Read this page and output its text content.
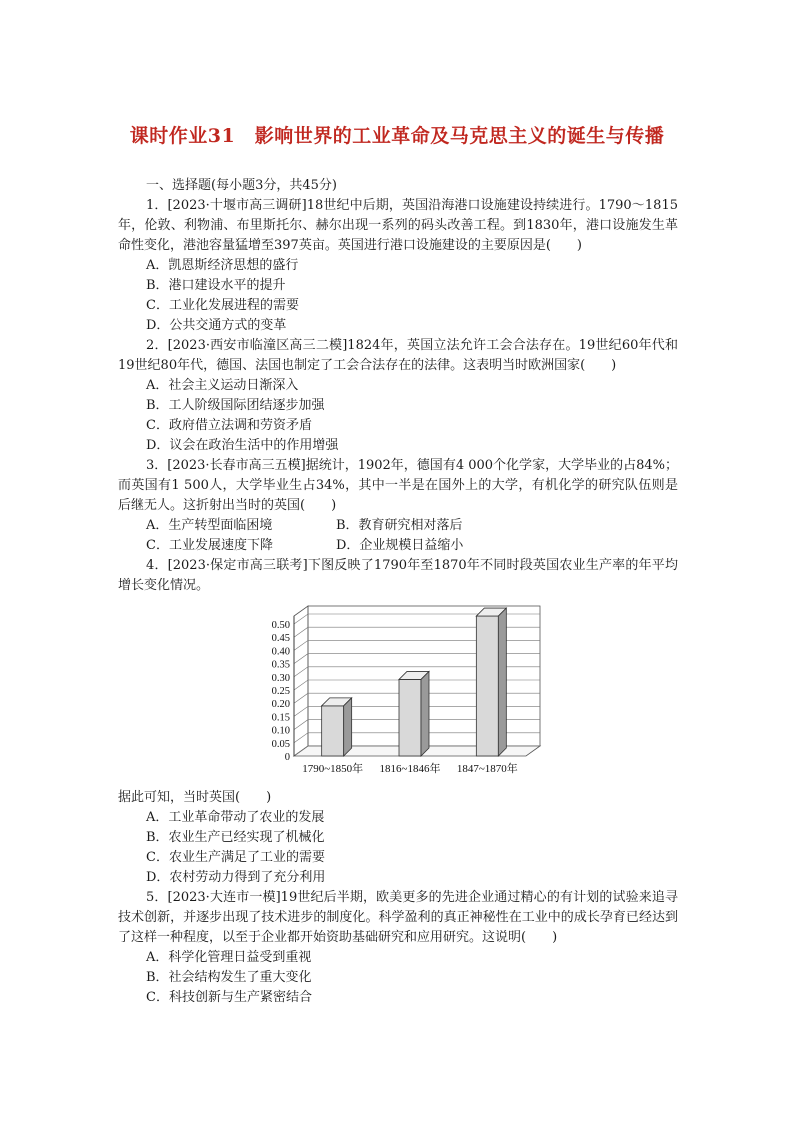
课时作业31　影响世界的工业革命及马克思主义的诞生与传播

一、选择题(每小题3分，共45分)

1．[2023·十堰市高三调研]18世纪中后期，英国沿海港口设施建设持续进行。1790～1815年，伦敦、利物浦、布里斯托尔、赫尔出现一系列的码头改善工程。到1830年，港口设施发生革命性变化，港池容量猛增至397英亩。英国进行港口设施建设的主要原因是(　　)

A．凯恩斯经济思想的盛行

B．港口建设水平的提升

C．工业化发展进程的需要

D．公共交通方式的变革

2．[2023·西安市临潼区高三二模]1824年，英国立法允许工会合法存在。19世纪60年代和19世纪80年代，德国、法国也制定了工会合法存在的法律。这表明当时欧洲国家(　　)

A．社会主义运动日渐深入

B．工人阶级国际团结逐步加强

C．政府借立法调和劳资矛盾

D．议会在政治生活中的作用增强

3．[2023·长春市高三五模]据统计，1902年，德国有4 000个化学家，大学毕业的占84%；而英国有1 500人，大学毕业生占34%，其中一半是在国外上的大学，有机化学的研究队伍则是后继无人。这折射出当时的英国(　　)

A．生产转型面临困境	B．教育研究相对落后

C．工业发展速度下降	D．企业规模日益缩小

4．[2023·保定市高三联考]下图反映了1790年至1870年不同时段英国农业生产率的年平均增长变化情况。

0
0.05
0.10
0.15
0.20
0.25
0.30
0.35
0.40
0.45
0.50
1790~1850年 1816~1846年 1847~1870年

据此可知，当时英国(　　)

A．工业革命带动了农业的发展

B．农业生产已经实现了机械化

C．农业生产满足了工业的需要

D．农村劳动力得到了充分利用

5．[2023·大连市一模]19世纪后半期，欧美更多的先进企业通过精心的有计划的试验来追寻技术创新，并逐步出现了技术进步的制度化。科学盈利的真正神秘性在工业中的成长孕育已经达到了这样一种程度，以至于企业都开始资助基础研究和应用研究。这说明(　　)

A．科学化管理日益受到重视

B．社会结构发生了重大变化

C．科技创新与生产紧密结合
